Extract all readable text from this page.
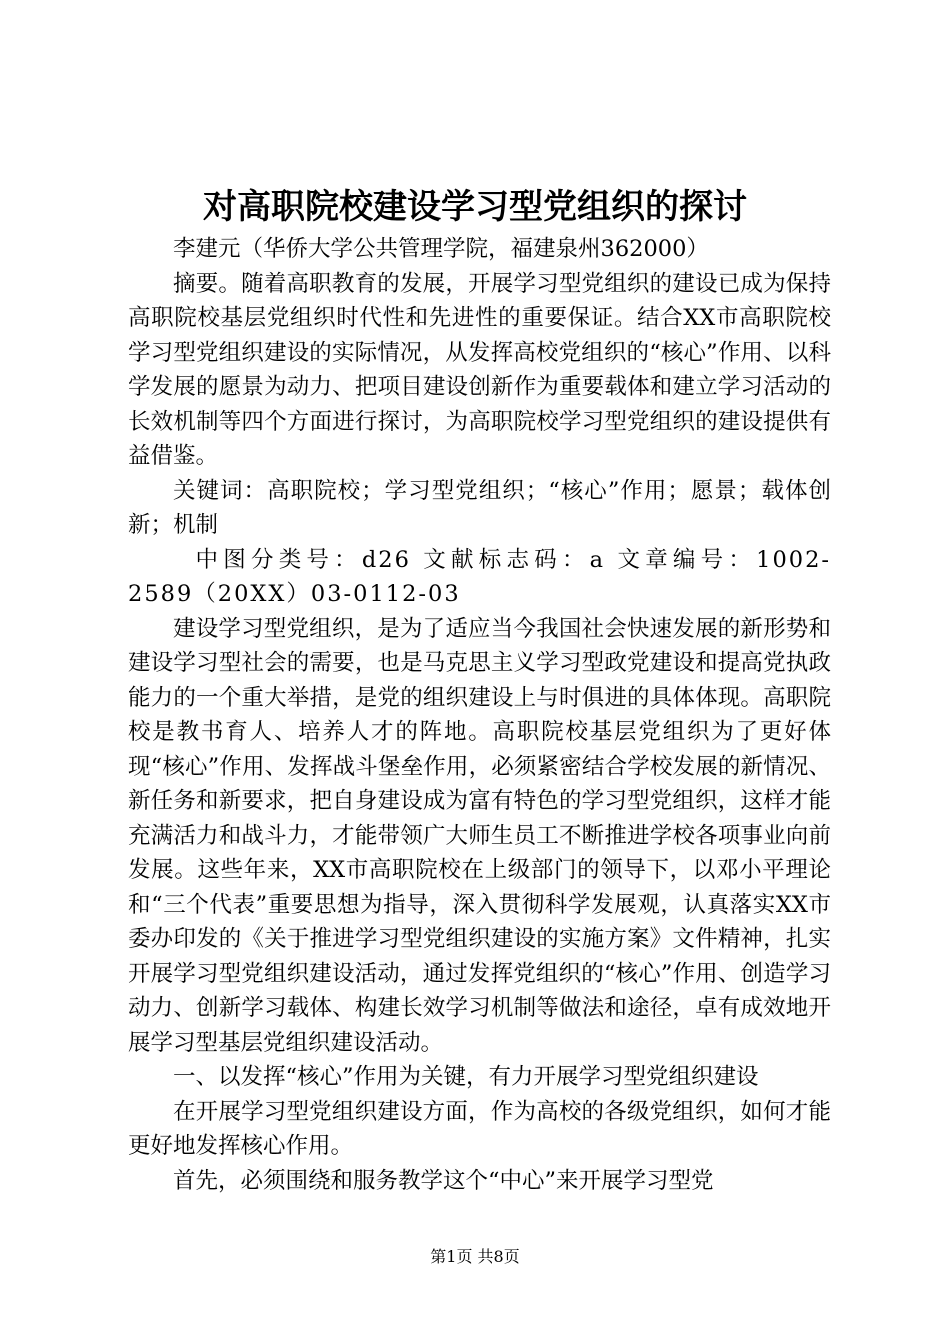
对高职院校建设学习型党组织的探讨

李建元（华侨大学公共管理学院，福建泉州362000）

摘要。随着高职教育的发展，开展学习型党组织的建设已成为保持高职院校基层党组织时代性和先进性的重要保证。结合XX市高职院校学习型党组织建设的实际情况，从发挥高校党组织的“核心”作用、以科学发展的愿景为动力、把项目建设创新作为重要载体和建立学习活动的长效机制等四个方面进行探讨，为高职院校学习型党组织的建设提供有益借鉴。

关键词：高职院校；学习型党组织；“核心”作用；愿景；载体创新；机制

中图分类号：d26 文献标志码：a 文章编号：1002-2589（20XX）03-0112-03

建设学习型党组织，是为了适应当今我国社会快速发展的新形势和建设学习型社会的需要，也是马克思主义学习型政党建设和提高党执政能力的一个重大举措，是党的组织建设上与时俱进的具体体现。高职院校是教书育人、培养人才的阵地。高职院校基层党组织为了更好体现“核心”作用、发挥战斗堡垒作用，必须紧密结合学校发展的新情况、新任务和新要求，把自身建设成为富有特色的学习型党组织，这样才能充满活力和战斗力，才能带领广大师生员工不断推进学校各项事业向前发展。这些年来，XX市高职院校在上级部门的领导下，以邓小平理论和“三个代表”重要思想为指导，深入贯彻科学发展观，认真落实XX市委办印发的《关于推进学习型党组织建设的实施方案》文件精神，扎实开展学习型党组织建设活动，通过发挥党组织的“核心”作用、创造学习动力、创新学习载体、构建长效学习机制等做法和途径，卓有成效地开展学习型基层党组织建设活动。

一、以发挥“核心”作用为关键，有力开展学习型党组织建设

在开展学习型党组织建设方面，作为高校的各级党组织，如何才能更好地发挥核心作用。

首先，必须围绕和服务教学这个“中心”来开展学习型党

第1页 共8页
